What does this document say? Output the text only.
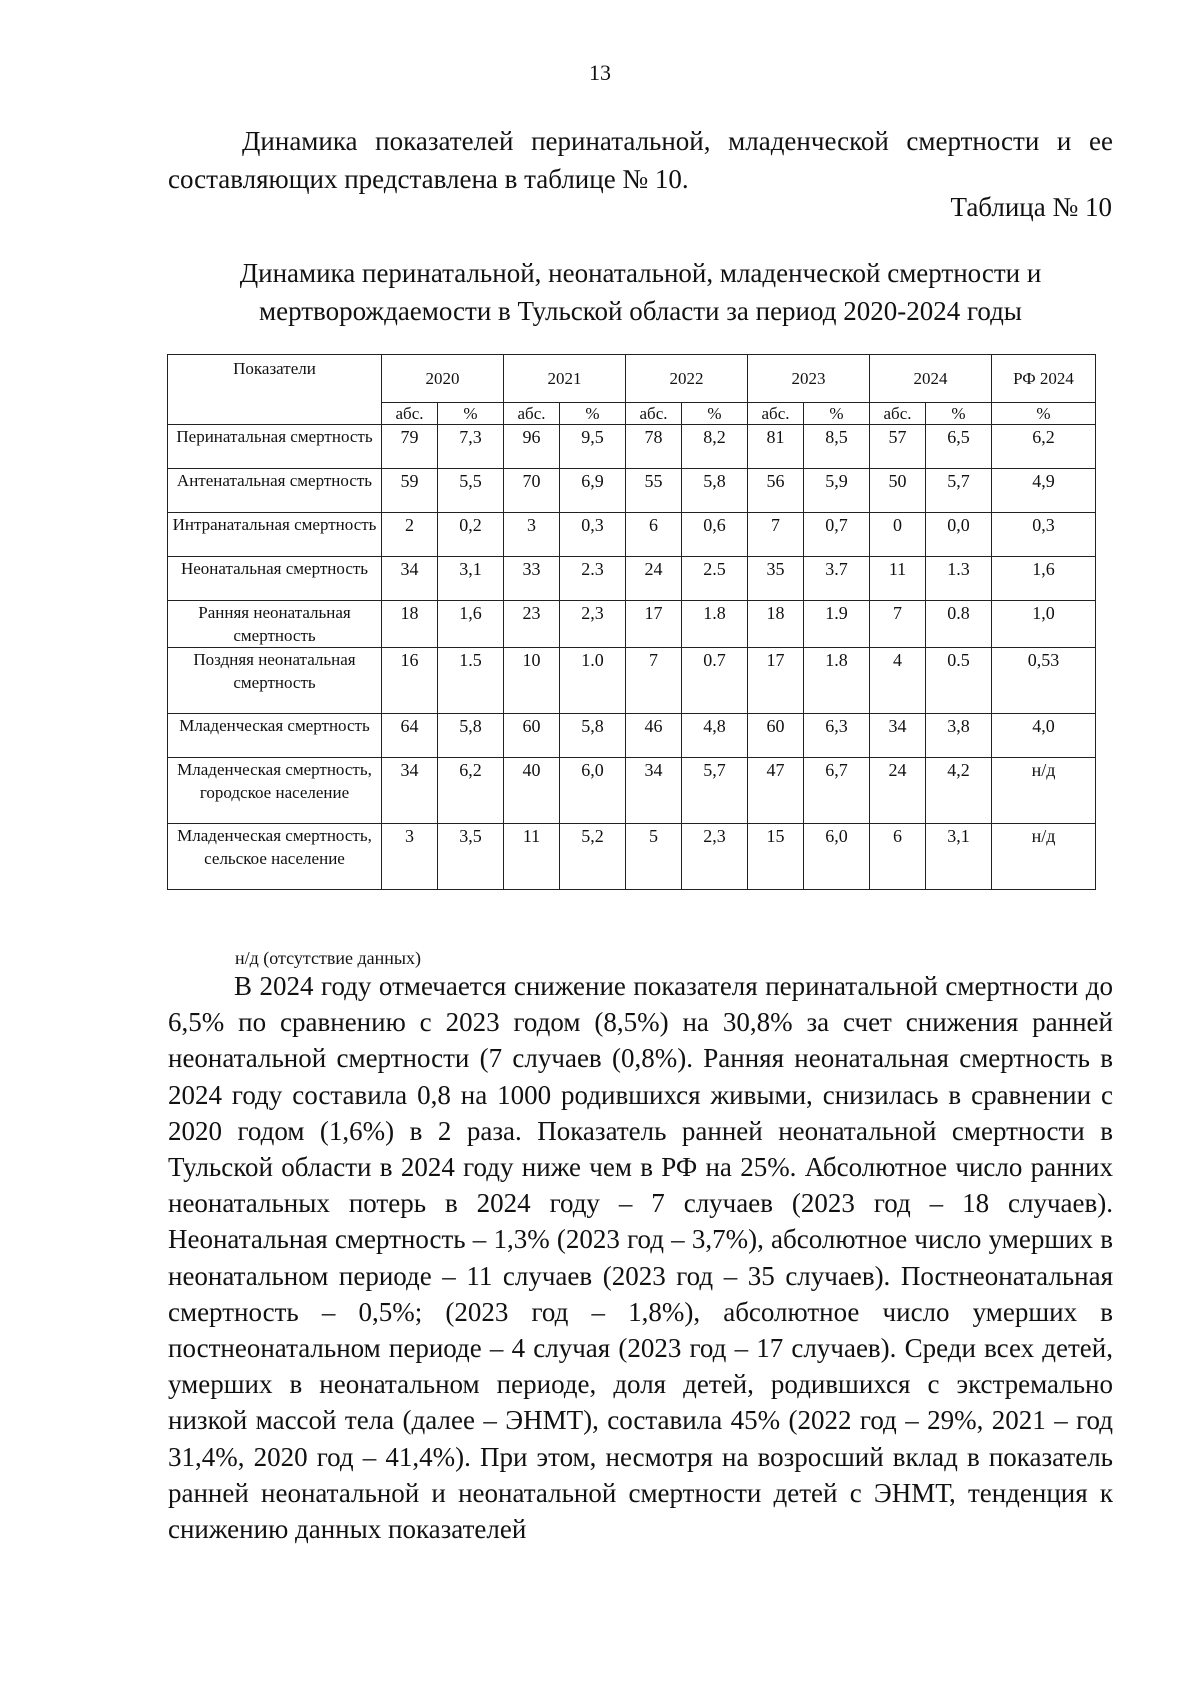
13

Динамика показателей перинатальной, младенческой смертности и ее составляющих представлена в таблице № 10.

Таблица № 10
Динамика перинатальной, неонатальной, младенческой смертности и
мертворождаемости в Тульской области за период 2020-2024 годы
Показатели	2020		2021		2022		2023		2024		РФ 2024
	абс.	%	абс.	%	абс.	%	абс.	%	абс.	%	%
Перинатальная смертность	79	7,3	96	9,5	78	8,2	81	8,5	57	6,5	6,2
Антенатальная смертность	59	5,5	70	6,9	55	5,8	56	5,9	50	5,7	4,9
Интранатальная смертность	2	0,2	3	0,3	6	0,6	7	0,7	0	0,0	0,3
Неонатальная смертность	34	3,1	33	2.3	24	2.5	35	3.7	11	1.3	1,6
Ранняя неонатальная смертность	18	1,6	23	2,3	17	1.8	18	1.9	7	0.8	1,0
Поздняя неонатальная смертность	16	1.5	10	1.0	7	0.7	17	1.8	4	0.5	0,53
Младенческая смертность	64	5,8	60	5,8	46	4,8	60	6,3	34	3,8	4,0
Младенческая смертность, городское население	34	6,2	40	6,0	34	5,7	47	6,7	24	4,2	н/д
Младенческая смертность, сельское население	3	3,5	11	5,2	5	2,3	15	6,0	6	3,1	н/д
н/д (отсутствие данных)

В 2024 году отмечается снижение показателя перинатальной смертности до 6,5% по сравнению с 2023 годом (8,5%) на 30,8% за счет снижения ранней неонатальной смертности (7 случаев (0,8%). Ранняя неонатальная смертность в 2024 году составила 0,8 на 1000 родившихся живыми, снизилась в сравнении с 2020 годом (1,6%) в 2 раза. Показатель ранней неонатальной смертности в Тульской области в 2024 году ниже чем в РФ на 25%. Абсолютное число ранних неонатальных потерь в 2024 году – 7 случаев (2023 год – 18 случаев). Неонатальная смертность – 1,3% (2023 год – 3,7%), абсолютное число умерших в неонатальном периоде – 11 случаев (2023 год – 35 случаев). Постнеонатальная смертность – 0,5%; (2023 год – 1,8%), абсолютное число умерших в постнеонатальном периоде – 4 случая (2023 год – 17 случаев). Среди всех детей, умерших в неонатальном периоде, доля детей, родившихся с экстремально низкой массой тела (далее – ЭНМТ), составила 45% (2022 год – 29%, 2021 – год 31,4%, 2020 год – 41,4%). При этом, несмотря на возросший вклад в показатель ранней неонатальной и неонатальной смертности детей с ЭНМТ, тенденция к снижению данных показателей
